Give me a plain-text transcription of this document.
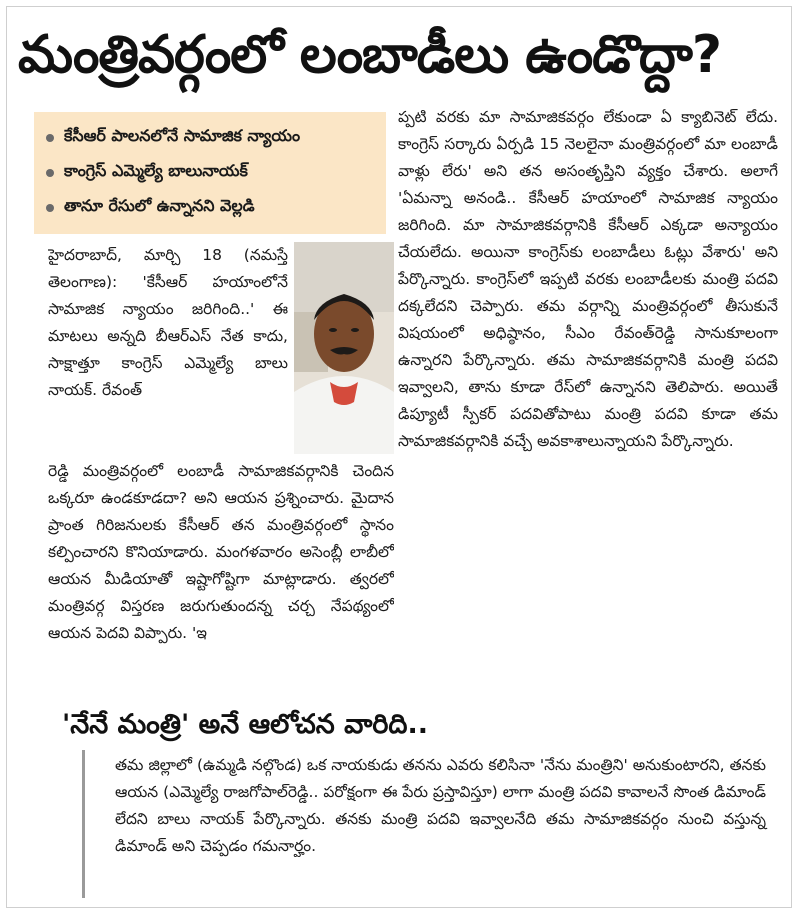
మంత్రివర్గంలో లంబాడీలు ఉండొద్దా?
కేసీఆర్ పాలనలోనే సామాజిక న్యాయం
కాంగ్రెస్ ఎమ్మెల్యే బాలునాయక్
తానూ రేసులో ఉన్నానని వెల్లడి
హైదరాబాద్, మార్చి 18 (నమస్తే తెలంగాణ): 'కేసీఆర్ హయాంలోనే సామాజిక న్యాయం జరిగింది..' ఈ మాటలు అన్నది బీఆర్ఎస్ నేత కాదు, సాక్షాత్తూ కాంగ్రెస్ ఎమ్మెల్యే బాలు నాయక్. రేవంత్
రెడ్డి మంత్రివర్గంలో లంబాడీ సామాజికవర్గానికి చెందిన ఒక్కరూ ఉండకూడదా? అని ఆయన ప్రశ్నించారు. మైదాన ప్రాంత గిరిజనులకు కేసీఆర్ తన మంత్రివర్గంలో స్థానం కల్పించారని కొనియాడారు. మంగళవారం అసెంబ్లీ లాబీలో ఆయన మీడియాతో ఇష్టాగోష్టిగా మాట్లాడారు. త్వరలో మంత్రివర్గ విస్తరణ జరుగుతుందన్న చర్చ నేపథ్యంలో ఆయన పెదవి విప్పారు. 'ఇ
ప్పటి వరకు మా సామాజికవర్గం లేకుండా ఏ క్యాబినెట్ లేదు. కాంగ్రెస్ సర్కారు ఏర్పడి 15 నెలలైనా మంత్రివర్గంలో మా లంబాడీ వాళ్లు లేరు' అని తన అసంతృప్తిని వ్యక్తం చేశారు. అలాగే 'ఏమన్నా అనండి.. కేసీఆర్ హయాంలో సామాజిక న్యాయం జరిగింది. మా సామాజికవర్గానికి కేసీఆర్ ఎక్కడా అన్యాయం చేయలేదు. అయినా కాంగ్రెస్‌కు లంబాడీలు ఓట్లు వేశారు' అని పేర్కొన్నారు. కాంగ్రెస్‌లో ఇప్పటి వరకు లంబాడీలకు మంత్రి పదవి దక్కలేదని చెప్పారు. తమ వర్గాన్ని మంత్రివర్గంలో తీసుకునే విషయంలో అధిష్ఠానం, సీఎం రేవంత్‌రెడ్డి సానుకూలంగా ఉన్నారని పేర్కొన్నారు. తమ సామాజికవర్గానికి మంత్రి పదవి ఇవ్వాలని, తాను కూడా రేస్‌లో ఉన్నానని తెలిపారు. అయితే డిప్యూటీ స్పీకర్ పదవితోపాటు మంత్రి పదవి కూడా తమ సామాజికవర్గానికి వచ్చే అవకాశాలున్నాయని పేర్కొన్నారు.
'నేనే మంత్రి' అనే ఆలోచన వారిది..
తమ జిల్లాలో (ఉమ్మడి నల్గొండ) ఒక నాయకుడు తనను ఎవరు కలిసినా 'నేను మంత్రిని' అనుకుంటారని, తనకు ఆయన (ఎమ్మెల్యే రాజగోపాల్‌రెడ్డి.. పరోక్షంగా ఈ పేరు ప్రస్తావిస్తూ) లాగా మంత్రి పదవి కావాలనే సొంత డిమాండ్ లేదని బాలు నాయక్ పేర్కొన్నారు. తనకు మంత్రి పదవి ఇవ్వాలనేది తమ సామాజికవర్గం నుంచి వస్తున్న డిమాండ్ అని చెప్పడం గమనార్హం.
